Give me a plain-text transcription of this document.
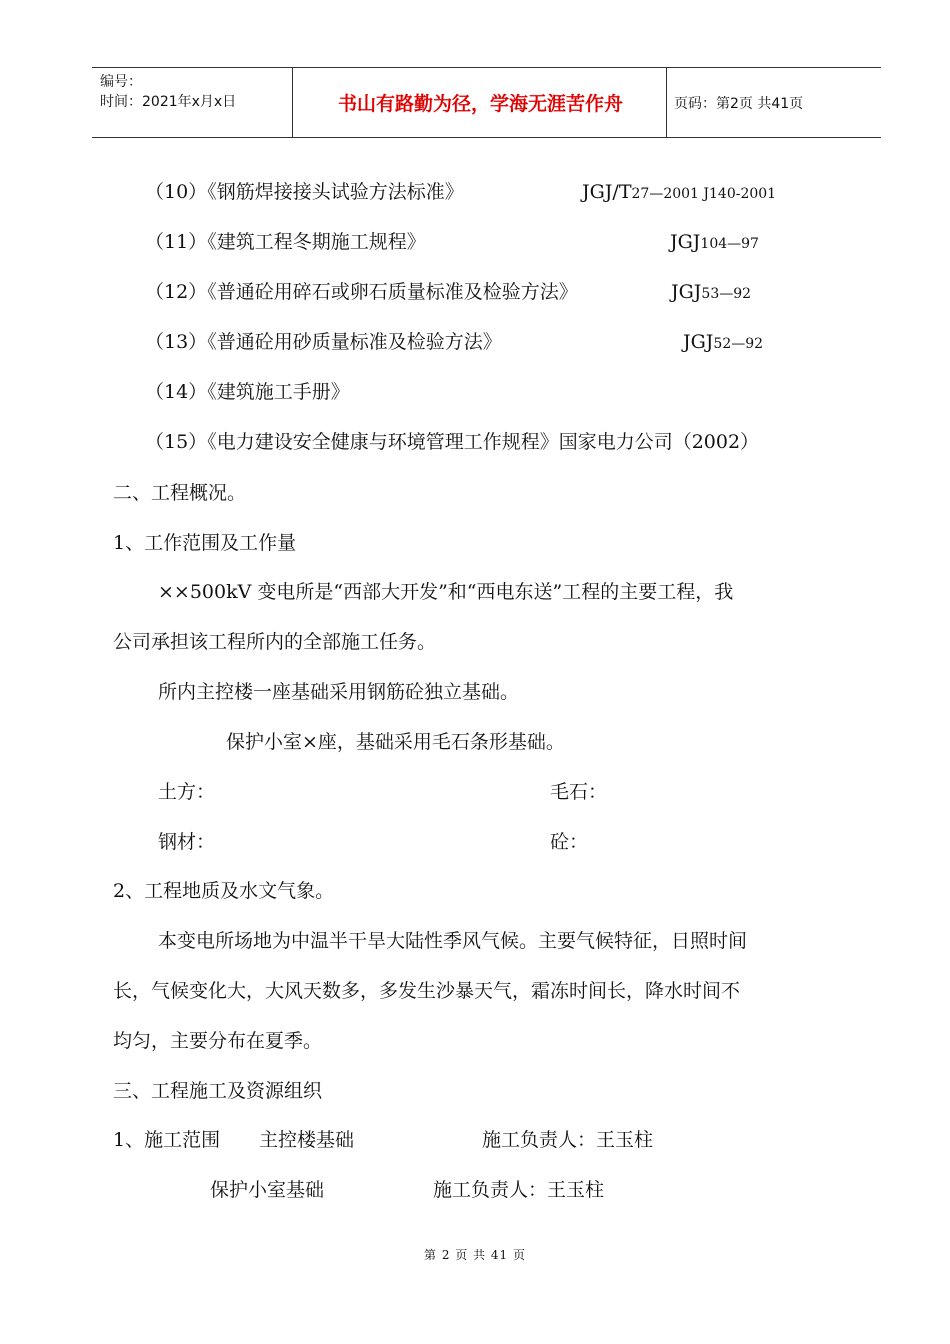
编号：
时间：2021年x月x日	书山有路勤为径，学海无涯苦作舟	页码：第2页 共41页
（10）《钢筋焊接接头试验方法标准》	JGJ/T27—2001 J140-2001
（11）《建筑工程冬期施工规程》	JGJ104—97
（12）《普通砼用碎石或卵石质量标准及检验方法》	JGJ53—92
（13）《普通砼用砂质量标准及检验方法》	JGJ52—92
（14）《建筑施工手册》
（15）《电力建设安全健康与环境管理工作规程》国家电力公司（2002）
二、工程概况。
1、工作范围及工作量
××500kV 变电所是“西部大开发”和“西电东送”工程的主要工程，我
公司承担该工程所内的全部施工任务。
所内主控楼一座基础采用钢筋砼独立基础。
保护小室×座，基础采用毛石条形基础。
土方：	毛石：
钢材：	砼：
2、工程地质及水文气象。
本变电所场地为中温半干旱大陆性季风气候。主要气候特征，日照时间
长，气候变化大，大风天数多，多发生沙暴天气，霜冻时间长，降水时间不
均匀，主要分布在夏季。
三、工程施工及资源组织
1、施工范围 主控楼基础	施工负责人：王玉柱
保护小室基础	施工负责人：王玉柱
第 2 页 共 41 页
